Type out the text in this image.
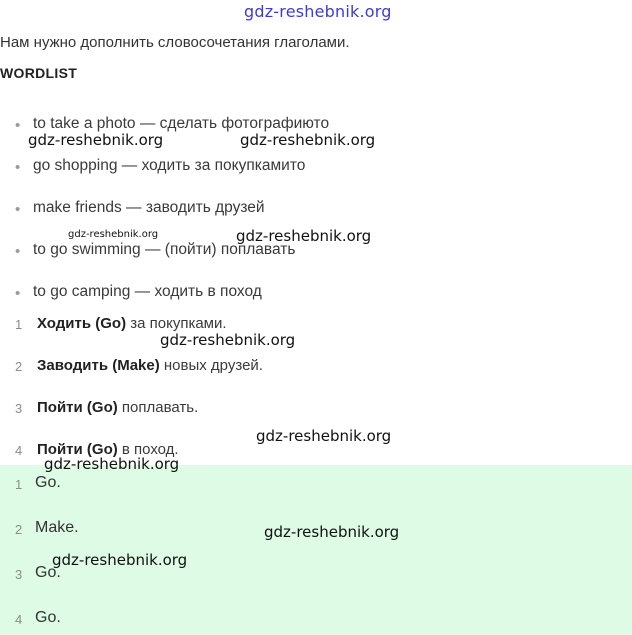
gdz-reshebnik.org
Нам нужно дополнить словосочетания глаголами.
WORDLIST
• to take a photo — сделать фотографиюто
• go shopping — ходить за покупкамито
• make friends — заводить друзей
• to go swimming — (пойти) поплавать
• to go camping — ходить в поход
1 Ходить (Go) за покупками.
2 Заводить (Make) новых друзей.
3 Пойти (Go) поплавать.
4 Пойти (Go) в поход.
1 Go.
2 Make.
3 Go.
4 Go.
gdz-reshebnik.org	gdz-reshebnik.org
gdz-reshebnik.org	gdz-reshebnik.org
gdz-reshebnik.org
gdz-reshebnik.org
gdz-reshebnik.org
gdz-reshebnik.org
gdz-reshebnik.org
